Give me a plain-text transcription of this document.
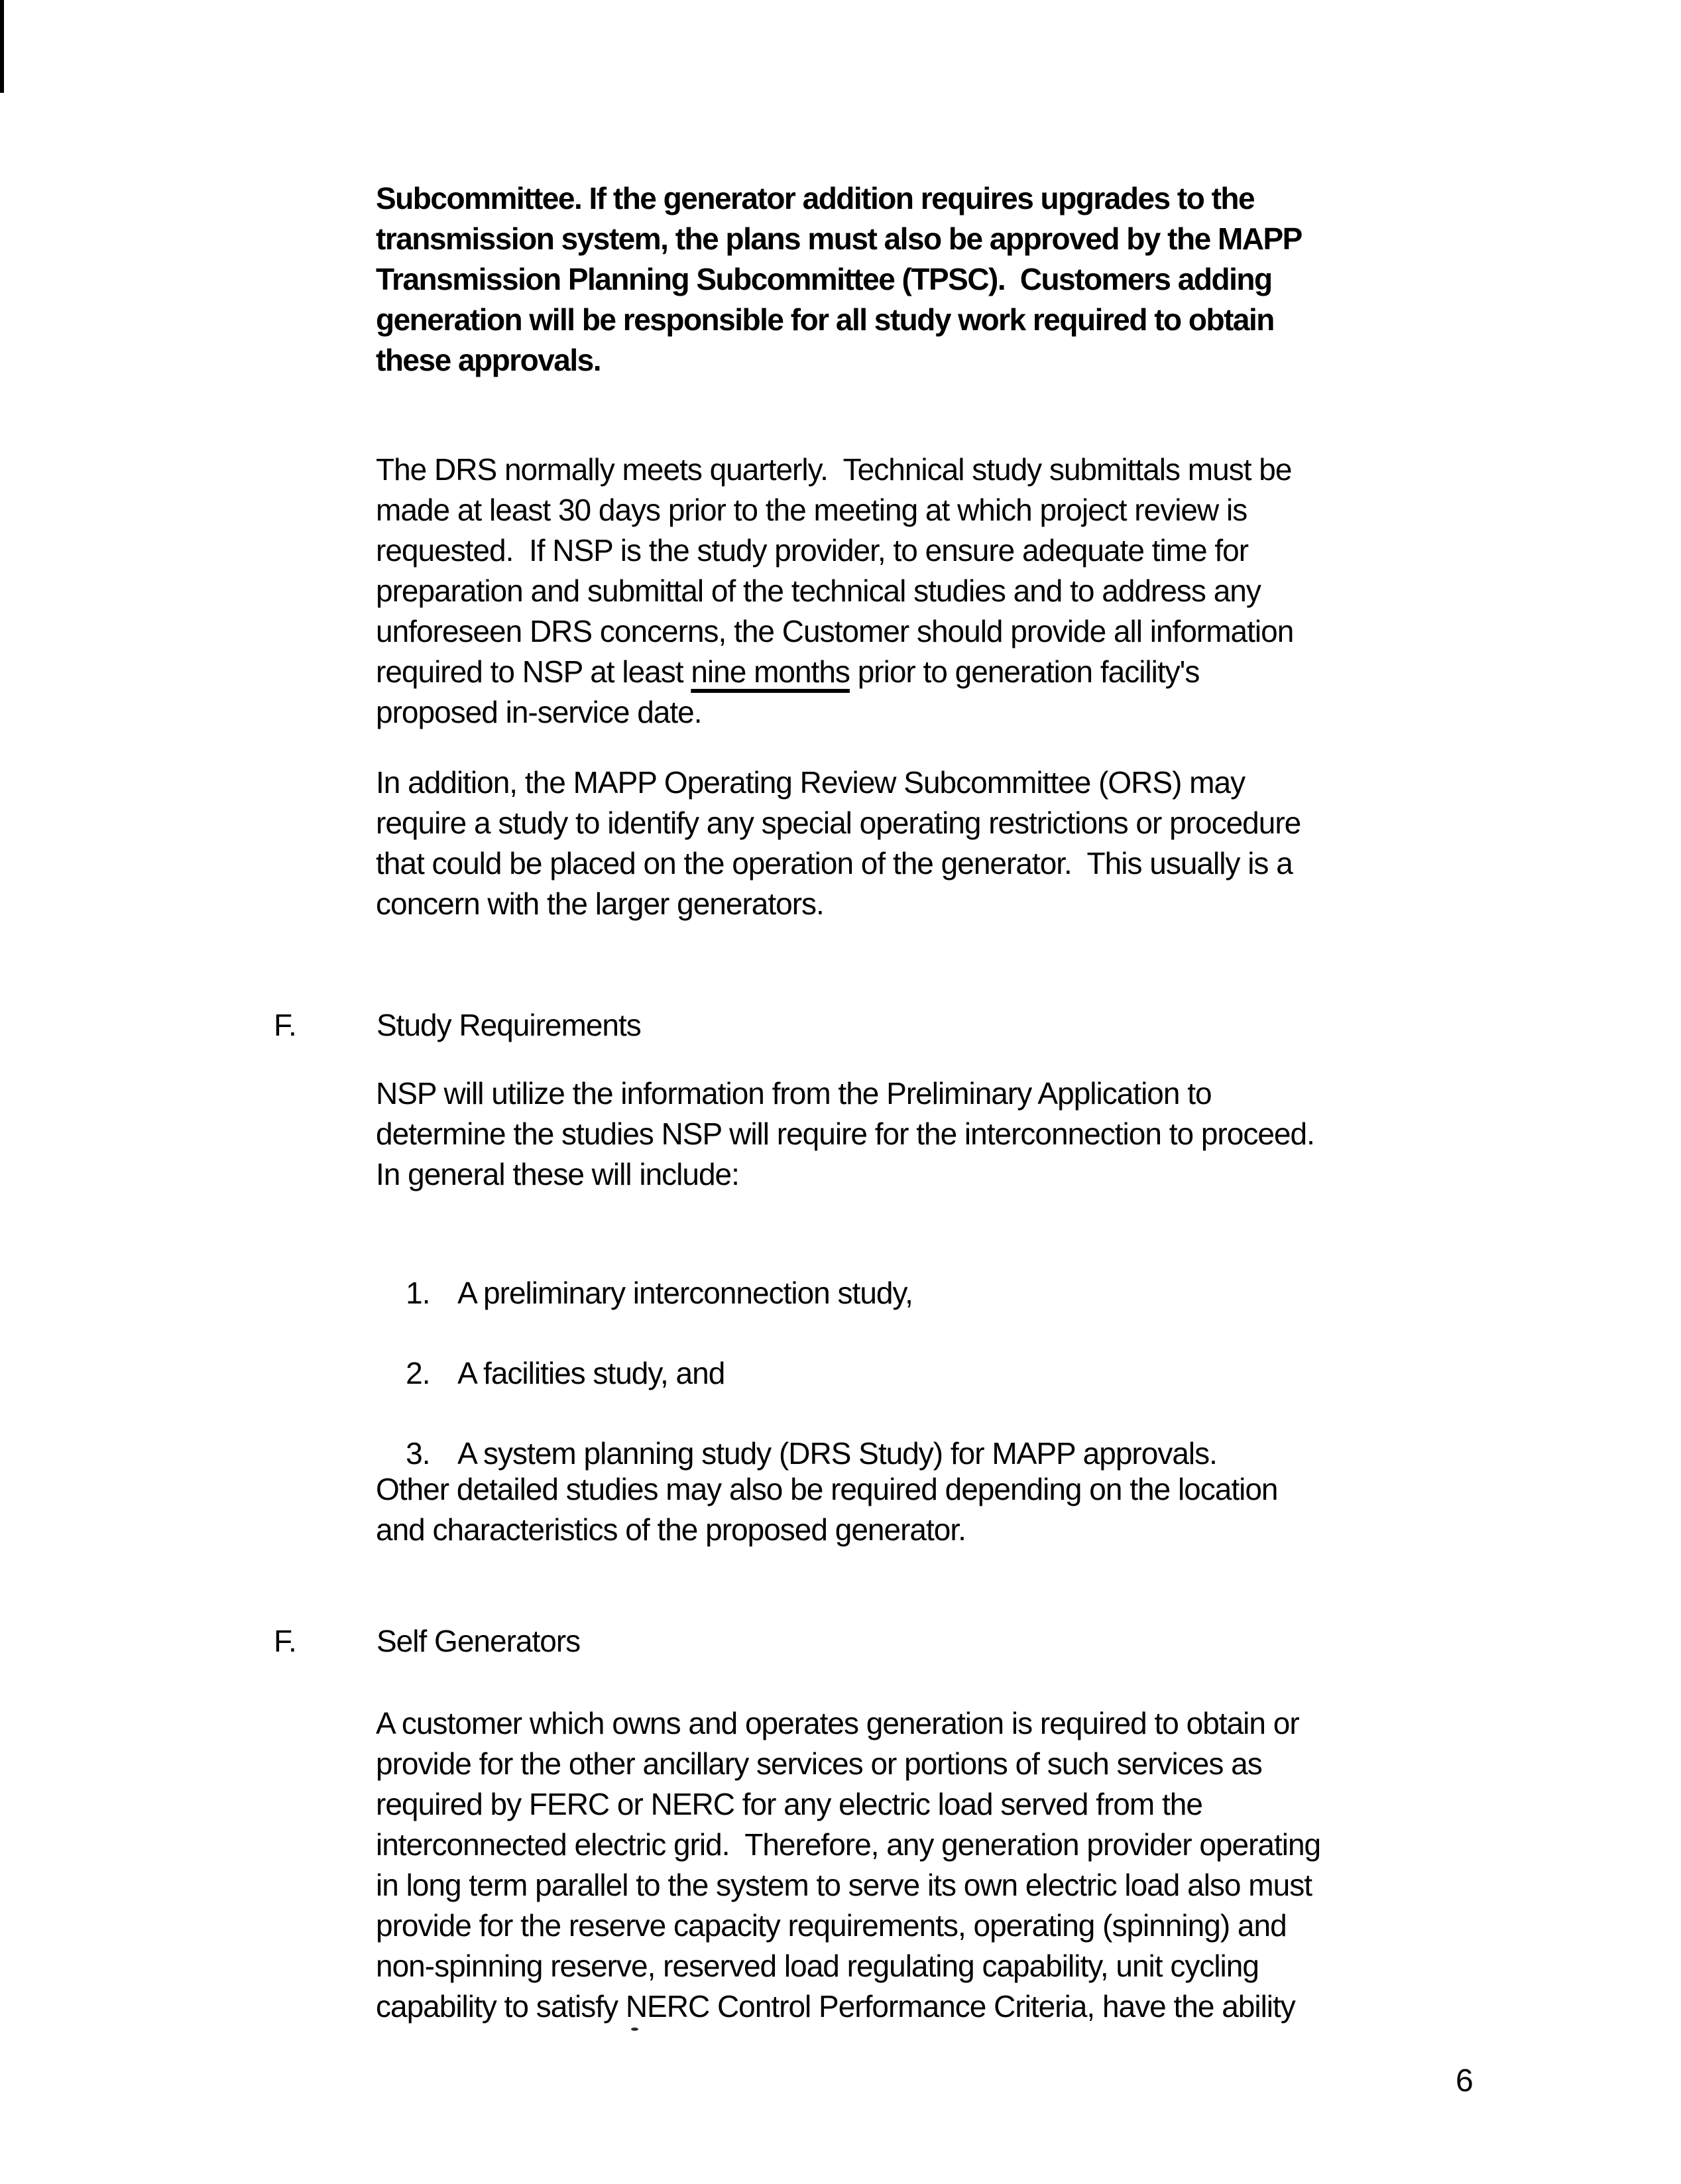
Subcommittee. If the generator addition requires upgrades to the
transmission system, the plans must also be approved by the MAPP
Transmission Planning Subcommittee (TPSC).  Customers adding
generation will be responsible for all study work required to obtain
these approvals.
The DRS normally meets quarterly.  Technical study submittals must be
made at least 30 days prior to the meeting at which project review is
requested.  If NSP is the study provider, to ensure adequate time for
preparation and submittal of the technical studies and to address any
unforeseen DRS concerns, the Customer should provide all information
required to NSP at least nine months prior to generation facility's
proposed in-service date.
In addition, the MAPP Operating Review Subcommittee (ORS) may
require a study to identify any special operating restrictions or procedure
that could be placed on the operation of the generator.  This usually is a
concern with the larger generators.
F.	Study Requirements
NSP will utilize the information from the Preliminary Application to
determine the studies NSP will require for the interconnection to proceed.
In general these will include:

1. A preliminary interconnection study,

2. A facilities study, and

3. A system planning study (DRS Study) for MAPP approvals.

Other detailed studies may also be required depending on the location
and characteristics of the proposed generator.
F.	Self Generators
A customer which owns and operates generation is required to obtain or
provide for the other ancillary services or portions of such services as
required by FERC or NERC for any electric load served from the
interconnected electric grid.  Therefore, any generation provider operating
in long term parallel to the system to serve its own electric load also must
provide for the reserve capacity requirements, operating (spinning) and
non-spinning reserve, reserved load regulating capability, unit cycling
capability to satisfy NERC Control Performance Criteria, have the ability
6
